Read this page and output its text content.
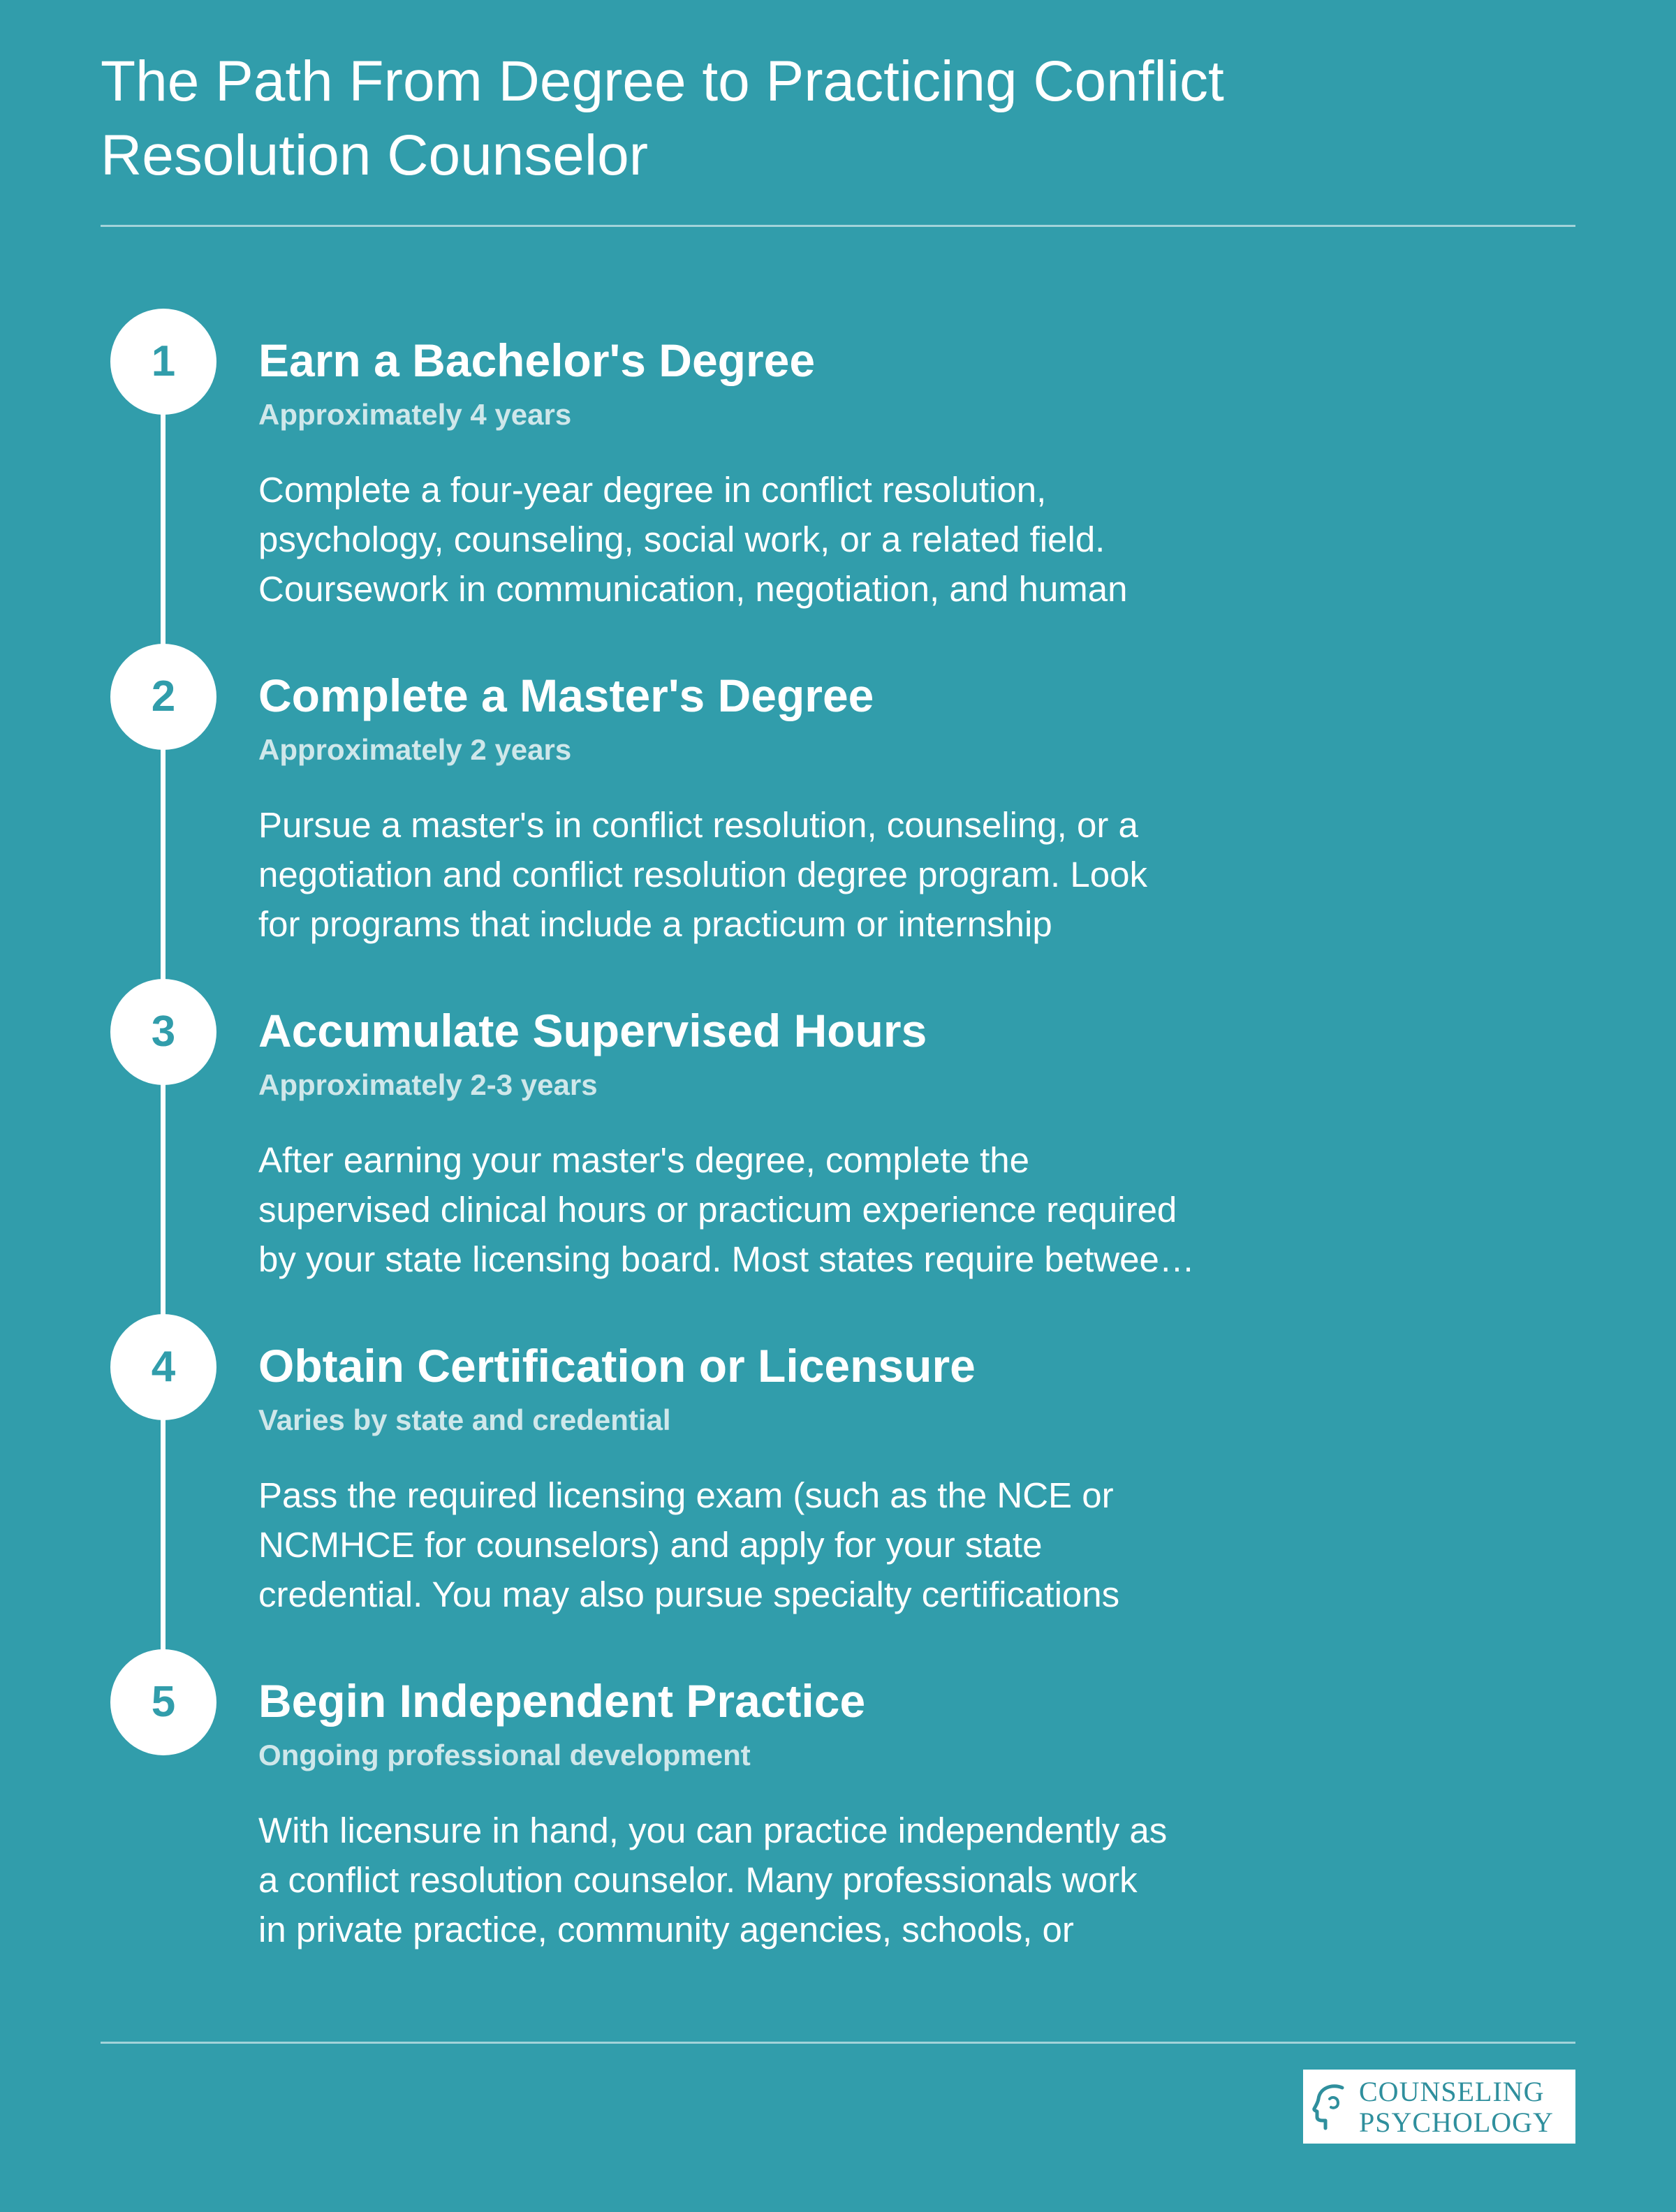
The Path From Degree to Practicing Conflict
Resolution Counselor
1	Earn a Bachelor's Degree
Approximately 4 years
Complete a four-year degree in conflict resolution,
psychology, counseling, social work, or a related field.
Coursework in communication, negotiation, and human
2	Complete a Master's Degree
Approximately 2 years
Pursue a master's in conflict resolution, counseling, or a
negotiation and conflict resolution degree program. Look
for programs that include a practicum or internship
3	Accumulate Supervised Hours
Approximately 2-3 years
After earning your master's degree, complete the
supervised clinical hours or practicum experience required
by your state licensing board. Most states require betwee…
4	Obtain Certification or Licensure
Varies by state and credential
Pass the required licensing exam (such as the NCE or
NCMHCE for counselors) and apply for your state
credential. You may also pursue specialty certifications
5	Begin Independent Practice
Ongoing professional development
With licensure in hand, you can practice independently as
a conflict resolution counselor. Many professionals work
in private practice, community agencies, schools, or
COUNSELING
PSYCHOLOGY
